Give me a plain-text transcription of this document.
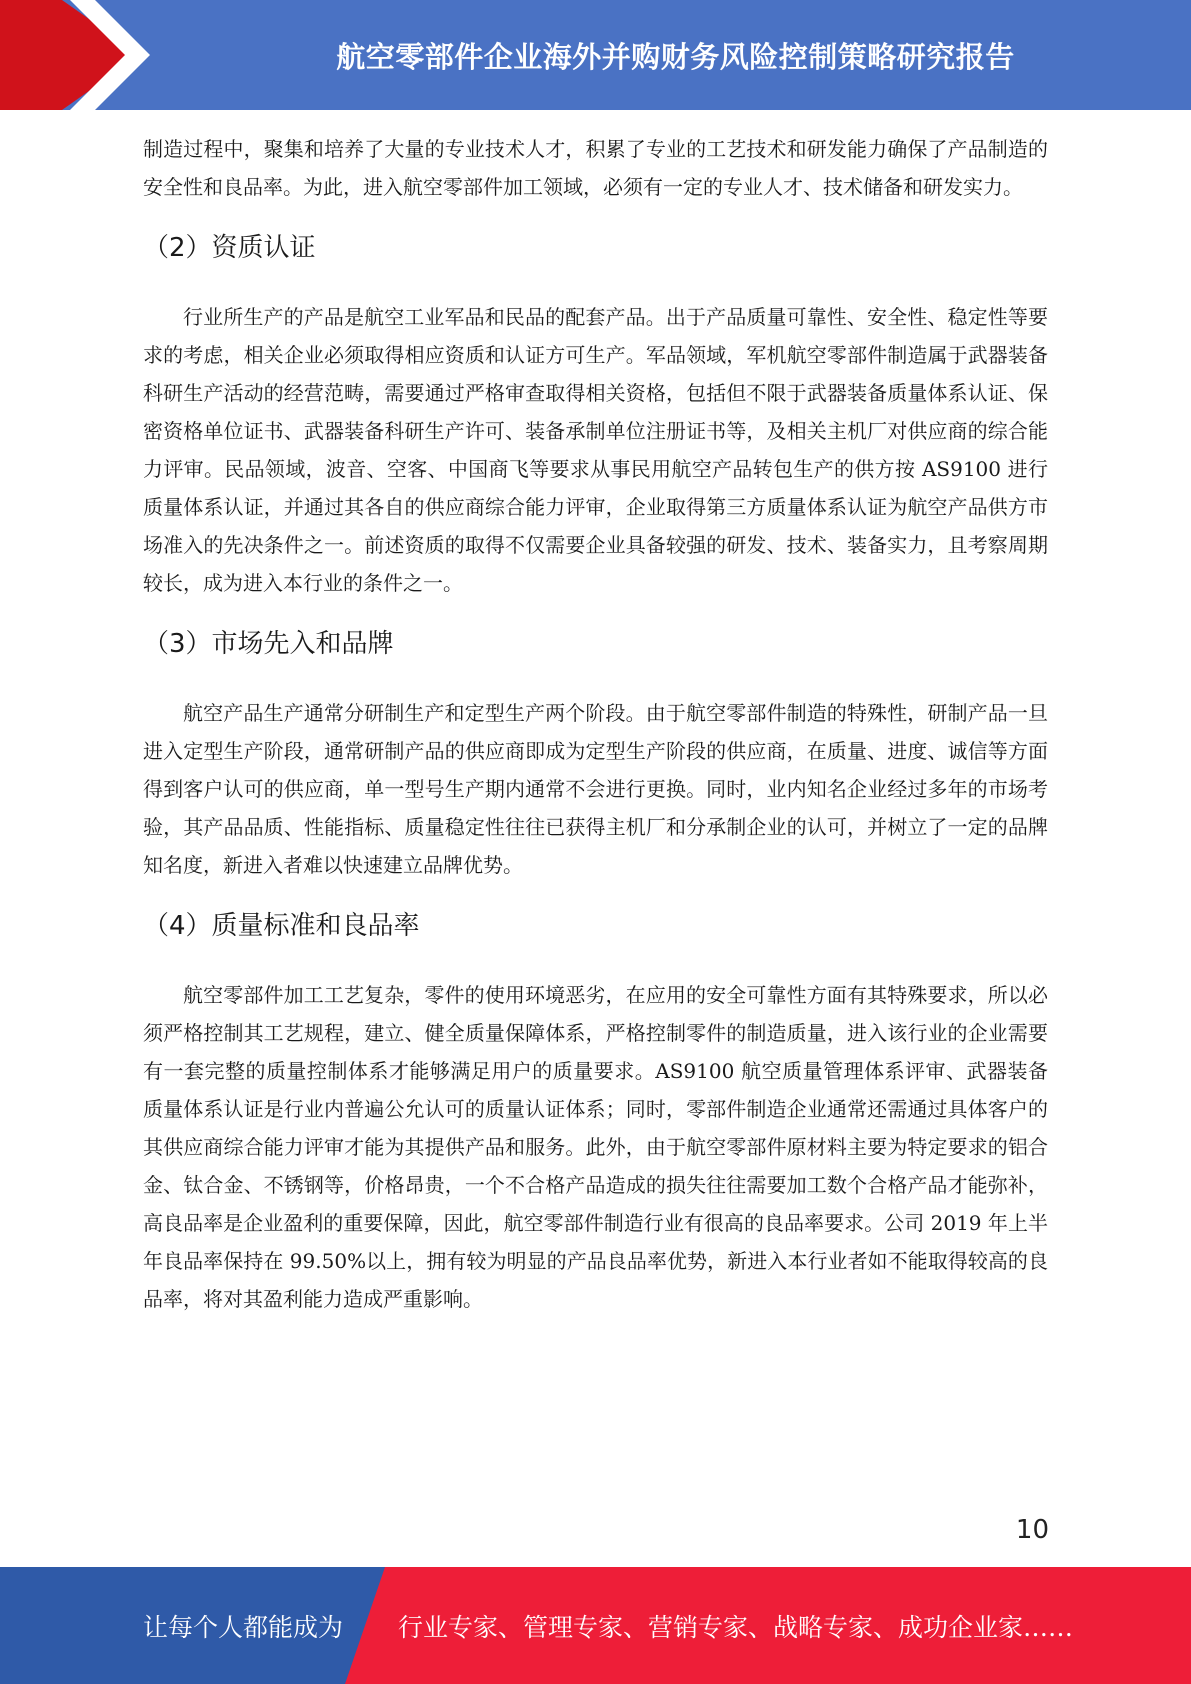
航空零部件企业海外并购财务风险控制策略研究报告

制造过程中，聚集和培养了大量的专业技术人才，积累了专业的工艺技术和研发能力确保了产品制造的安全性和良品率。为此，进入航空零部件加工领域，必须有一定的专业人才、技术储备和研发实力。

（2）资质认证

行业所生产的产品是航空工业军品和民品的配套产品。出于产品质量可靠性、安全性、稳定性等要求的考虑，相关企业必须取得相应资质和认证方可生产。军品领域，军机航空零部件制造属于武器装备科研生产活动的经营范畴，需要通过严格审查取得相关资格，包括但不限于武器装备质量体系认证、保密资格单位证书、武器装备科研生产许可、装备承制单位注册证书等，及相关主机厂对供应商的综合能力评审。民品领域，波音、空客、中国商飞等要求从事民用航空产品转包生产的供方按 AS9100 进行质量体系认证，并通过其各自的供应商综合能力评审，企业取得第三方质量体系认证为航空产品供方市场准入的先决条件之一。前述资质的取得不仅需要企业具备较强的研发、技术、装备实力，且考察周期较长，成为进入本行业的条件之一。

（3）市场先入和品牌

航空产品生产通常分研制生产和定型生产两个阶段。由于航空零部件制造的特殊性，研制产品一旦进入定型生产阶段，通常研制产品的供应商即成为定型生产阶段的供应商，在质量、进度、诚信等方面得到客户认可的供应商，单一型号生产期内通常不会进行更换。同时，业内知名企业经过多年的市场考验，其产品品质、性能指标、质量稳定性往往已获得主机厂和分承制企业的认可，并树立了一定的品牌知名度，新进入者难以快速建立品牌优势。

（4）质量标准和良品率

航空零部件加工工艺复杂，零件的使用环境恶劣，在应用的安全可靠性方面有其特殊要求，所以必须严格控制其工艺规程，建立、健全质量保障体系，严格控制零件的制造质量，进入该行业的企业需要有一套完整的质量控制体系才能够满足用户的质量要求。AS9100 航空质量管理体系评审、武器装备质量体系认证是行业内普遍公允认可的质量认证体系；同时，零部件制造企业通常还需通过具体客户的其供应商综合能力评审才能为其提供产品和服务。此外，由于航空零部件原材料主要为特定要求的铝合金、钛合金、不锈钢等，价格昂贵，一个不合格产品造成的损失往往需要加工数个合格产品才能弥补，高良品率是企业盈利的重要保障，因此，航空零部件制造行业有很高的良品率要求。公司 2019 年上半年良品率保持在 99.50%以上，拥有较为明显的产品良品率优势，新进入本行业者如不能取得较高的良品率，将对其盈利能力造成严重影响。

10
让每个人都能成为 行业专家、管理专家、营销专家、战略专家、成功企业家……
